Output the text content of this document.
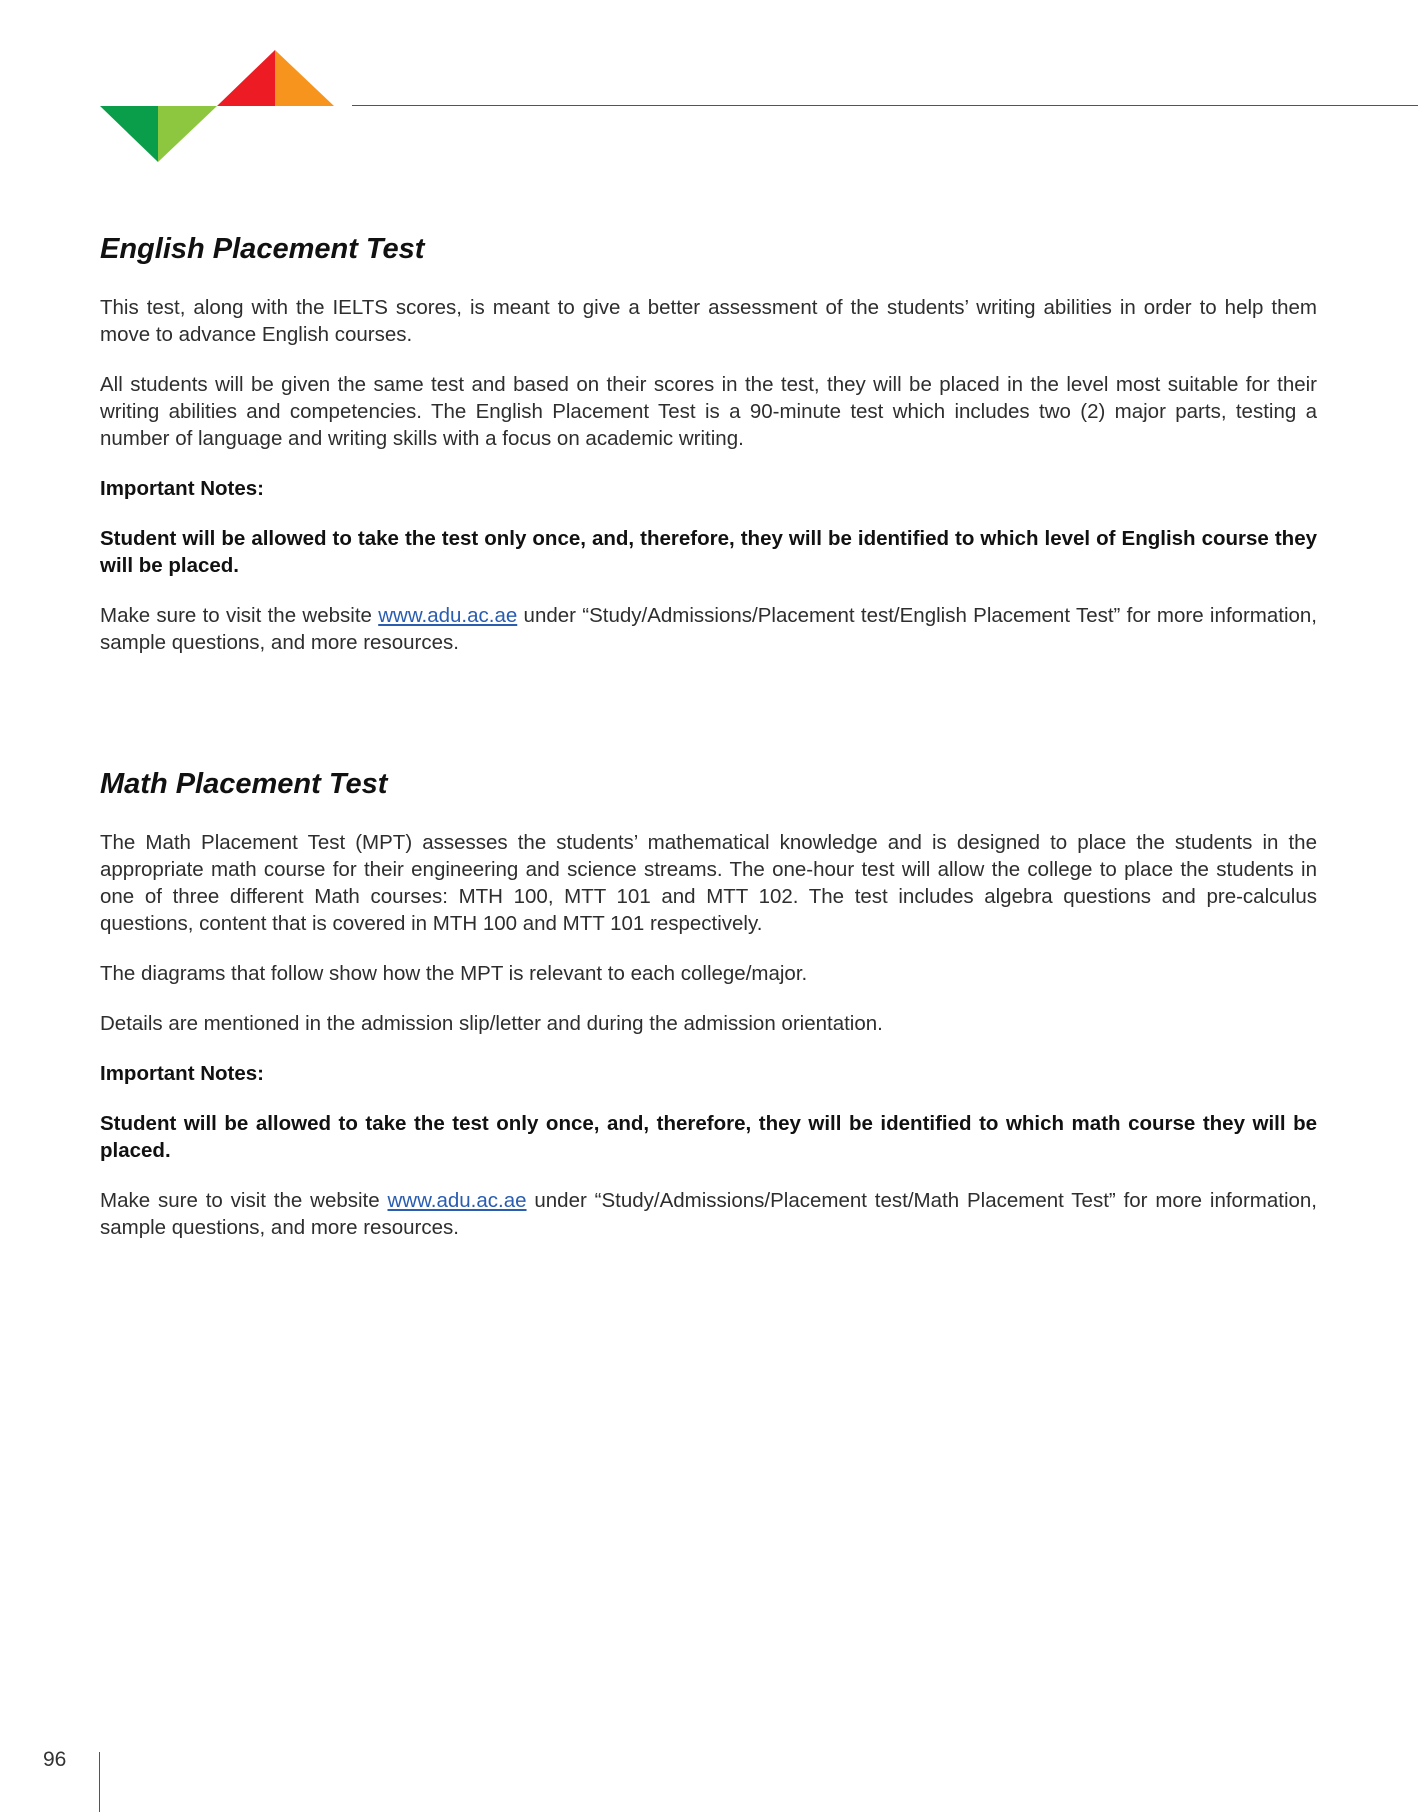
English Placement Test

This test, along with the IELTS scores, is meant to give a better assessment of the students’ writing abilities in order to help them move to advance English courses.

All students will be given the same test and based on their scores in the test, they will be placed in the level most suitable for their writing abilities and competencies. The English Placement Test is a 90-minute test which includes two (2) major parts, testing a number of language and writing skills with a focus on academic writing.

Important Notes:

Student will be allowed to take the test only once, and, therefore, they will be identified to which level of English course they will be placed.

Make sure to visit the website www.adu.ac.ae under “Study/Admissions/Placement test/English Placement Test” for more information, sample questions, and more resources.

Math Placement Test

The Math Placement Test (MPT) assesses the students’ mathematical knowledge and is designed to place the students in the appropriate math course for their engineering and science streams. The one-hour test will allow the college to place the students in one of three different Math courses: MTH 100, MTT 101 and MTT 102. The test includes algebra questions and pre-calculus questions, content that is covered in MTH 100 and MTT 101 respectively.

The diagrams that follow show how the MPT is relevant to each college/major.

Details are mentioned in the admission slip/letter and during the admission orientation.

Important Notes:

Student will be allowed to take the test only once, and, therefore, they will be identified to which math course they will be placed.

Make sure to visit the website www.adu.ac.ae under “Study/Admissions/Placement test/Math Placement Test” for more information, sample questions, and more resources.

96
